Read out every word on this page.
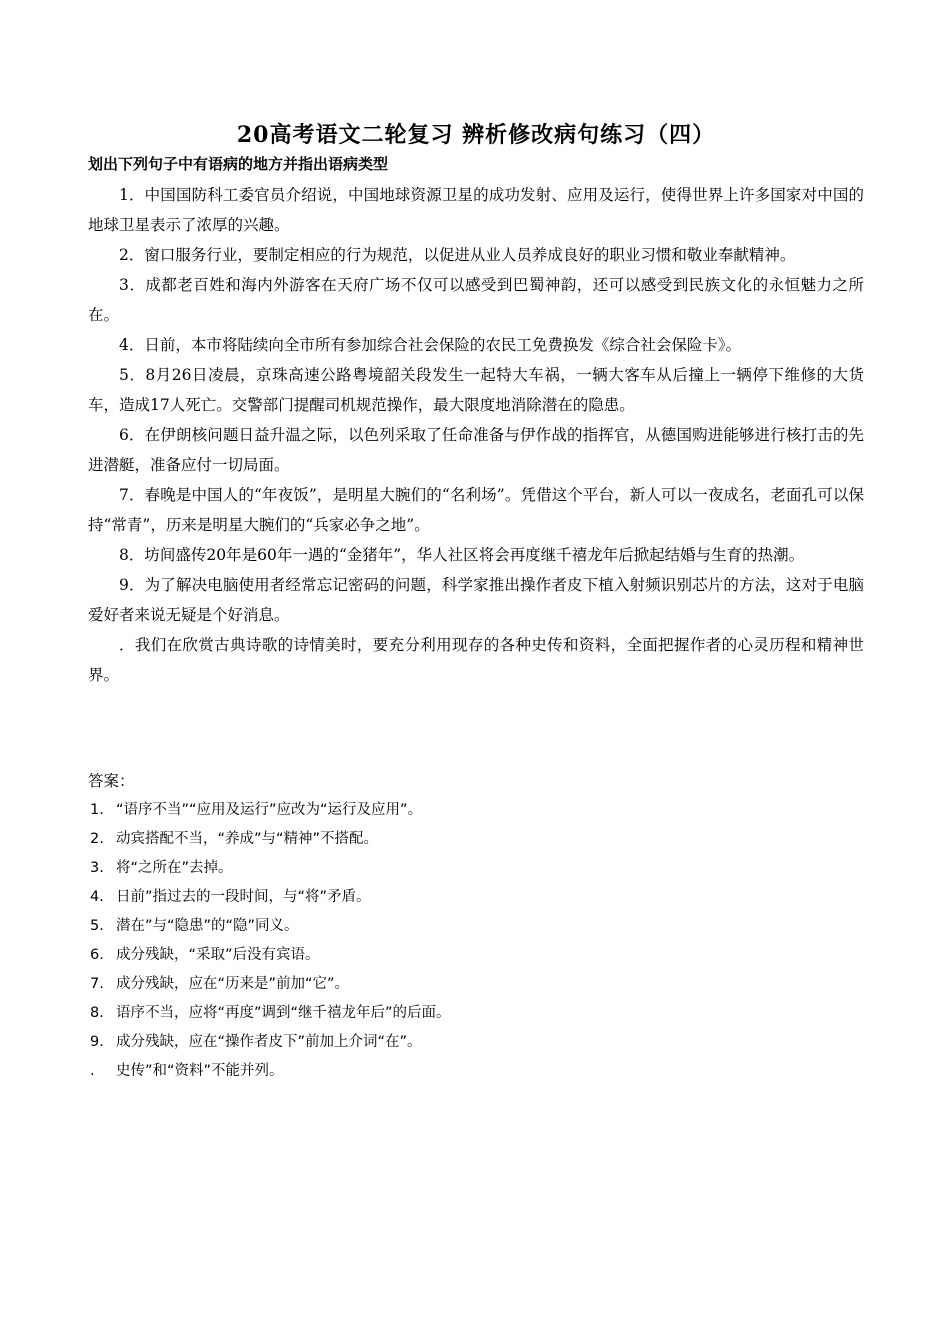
20高考语文二轮复习 辨析修改病句练习（四）

划出下列句子中有语病的地方并指出语病类型

1．中国国防科工委官员介绍说，中国地球资源卫星的成功发射、应用及运行，使得世界上许多国家对中国的地球卫星表示了浓厚的兴趣。

2．窗口服务行业，要制定相应的行为规范，以促进从业人员养成良好的职业习惯和敬业奉献精神。

3．成都老百姓和海内外游客在天府广场不仅可以感受到巴蜀神韵，还可以感受到民族文化的永恒魅力之所在。

4．日前，本市将陆续向全市所有参加综合社会保险的农民工免费换发《综合社会保险卡》。

5．8月26日凌晨，京珠高速公路粤境韶关段发生一起特大车祸，一辆大客车从后撞上一辆停下维修的大货车，造成17人死亡。交警部门提醒司机规范操作，最大限度地消除潜在的隐患。

6．在伊朗核问题日益升温之际，以色列采取了任命准备与伊作战的指挥官，从德国购进能够进行核打击的先进潜艇，准备应付一切局面。

7．春晚是中国人的“年夜饭”，是明星大腕们的“名利场”。凭借这个平台，新人可以一夜成名，老面孔可以保持“常青”，历来是明星大腕们的“兵家必争之地”。

8．坊间盛传20年是60年一遇的“金猪年”，华人社区将会再度继千禧龙年后掀起结婚与生育的热潮。

9．为了解决电脑使用者经常忘记密码的问题，科学家推出操作者皮下植入射频识别芯片的方法，这对于电脑爱好者来说无疑是个好消息。

．我们在欣赏古典诗歌的诗情美时，要充分利用现存的各种史传和资料，全面把握作者的心灵历程和精神世界。

答案：

1. “语序不当”“应用及运行”应改为“运行及应用”。

2. 动宾搭配不当，“养成”与“精神”不搭配。

3. 将“之所在”去掉。

4. 日前”指过去的一段时间，与“将”矛盾。

5. 潜在”与“隐患”的“隐”同义。

6. 成分残缺，“采取”后没有宾语。

7. 成分残缺，应在“历来是”前加“它”。

8. 语序不当，应将“再度”调到“继千禧龙年后”的后面。

9. 成分残缺，应在“操作者皮下”前加上介词“在”。

. 史传”和“资料”不能并列。
